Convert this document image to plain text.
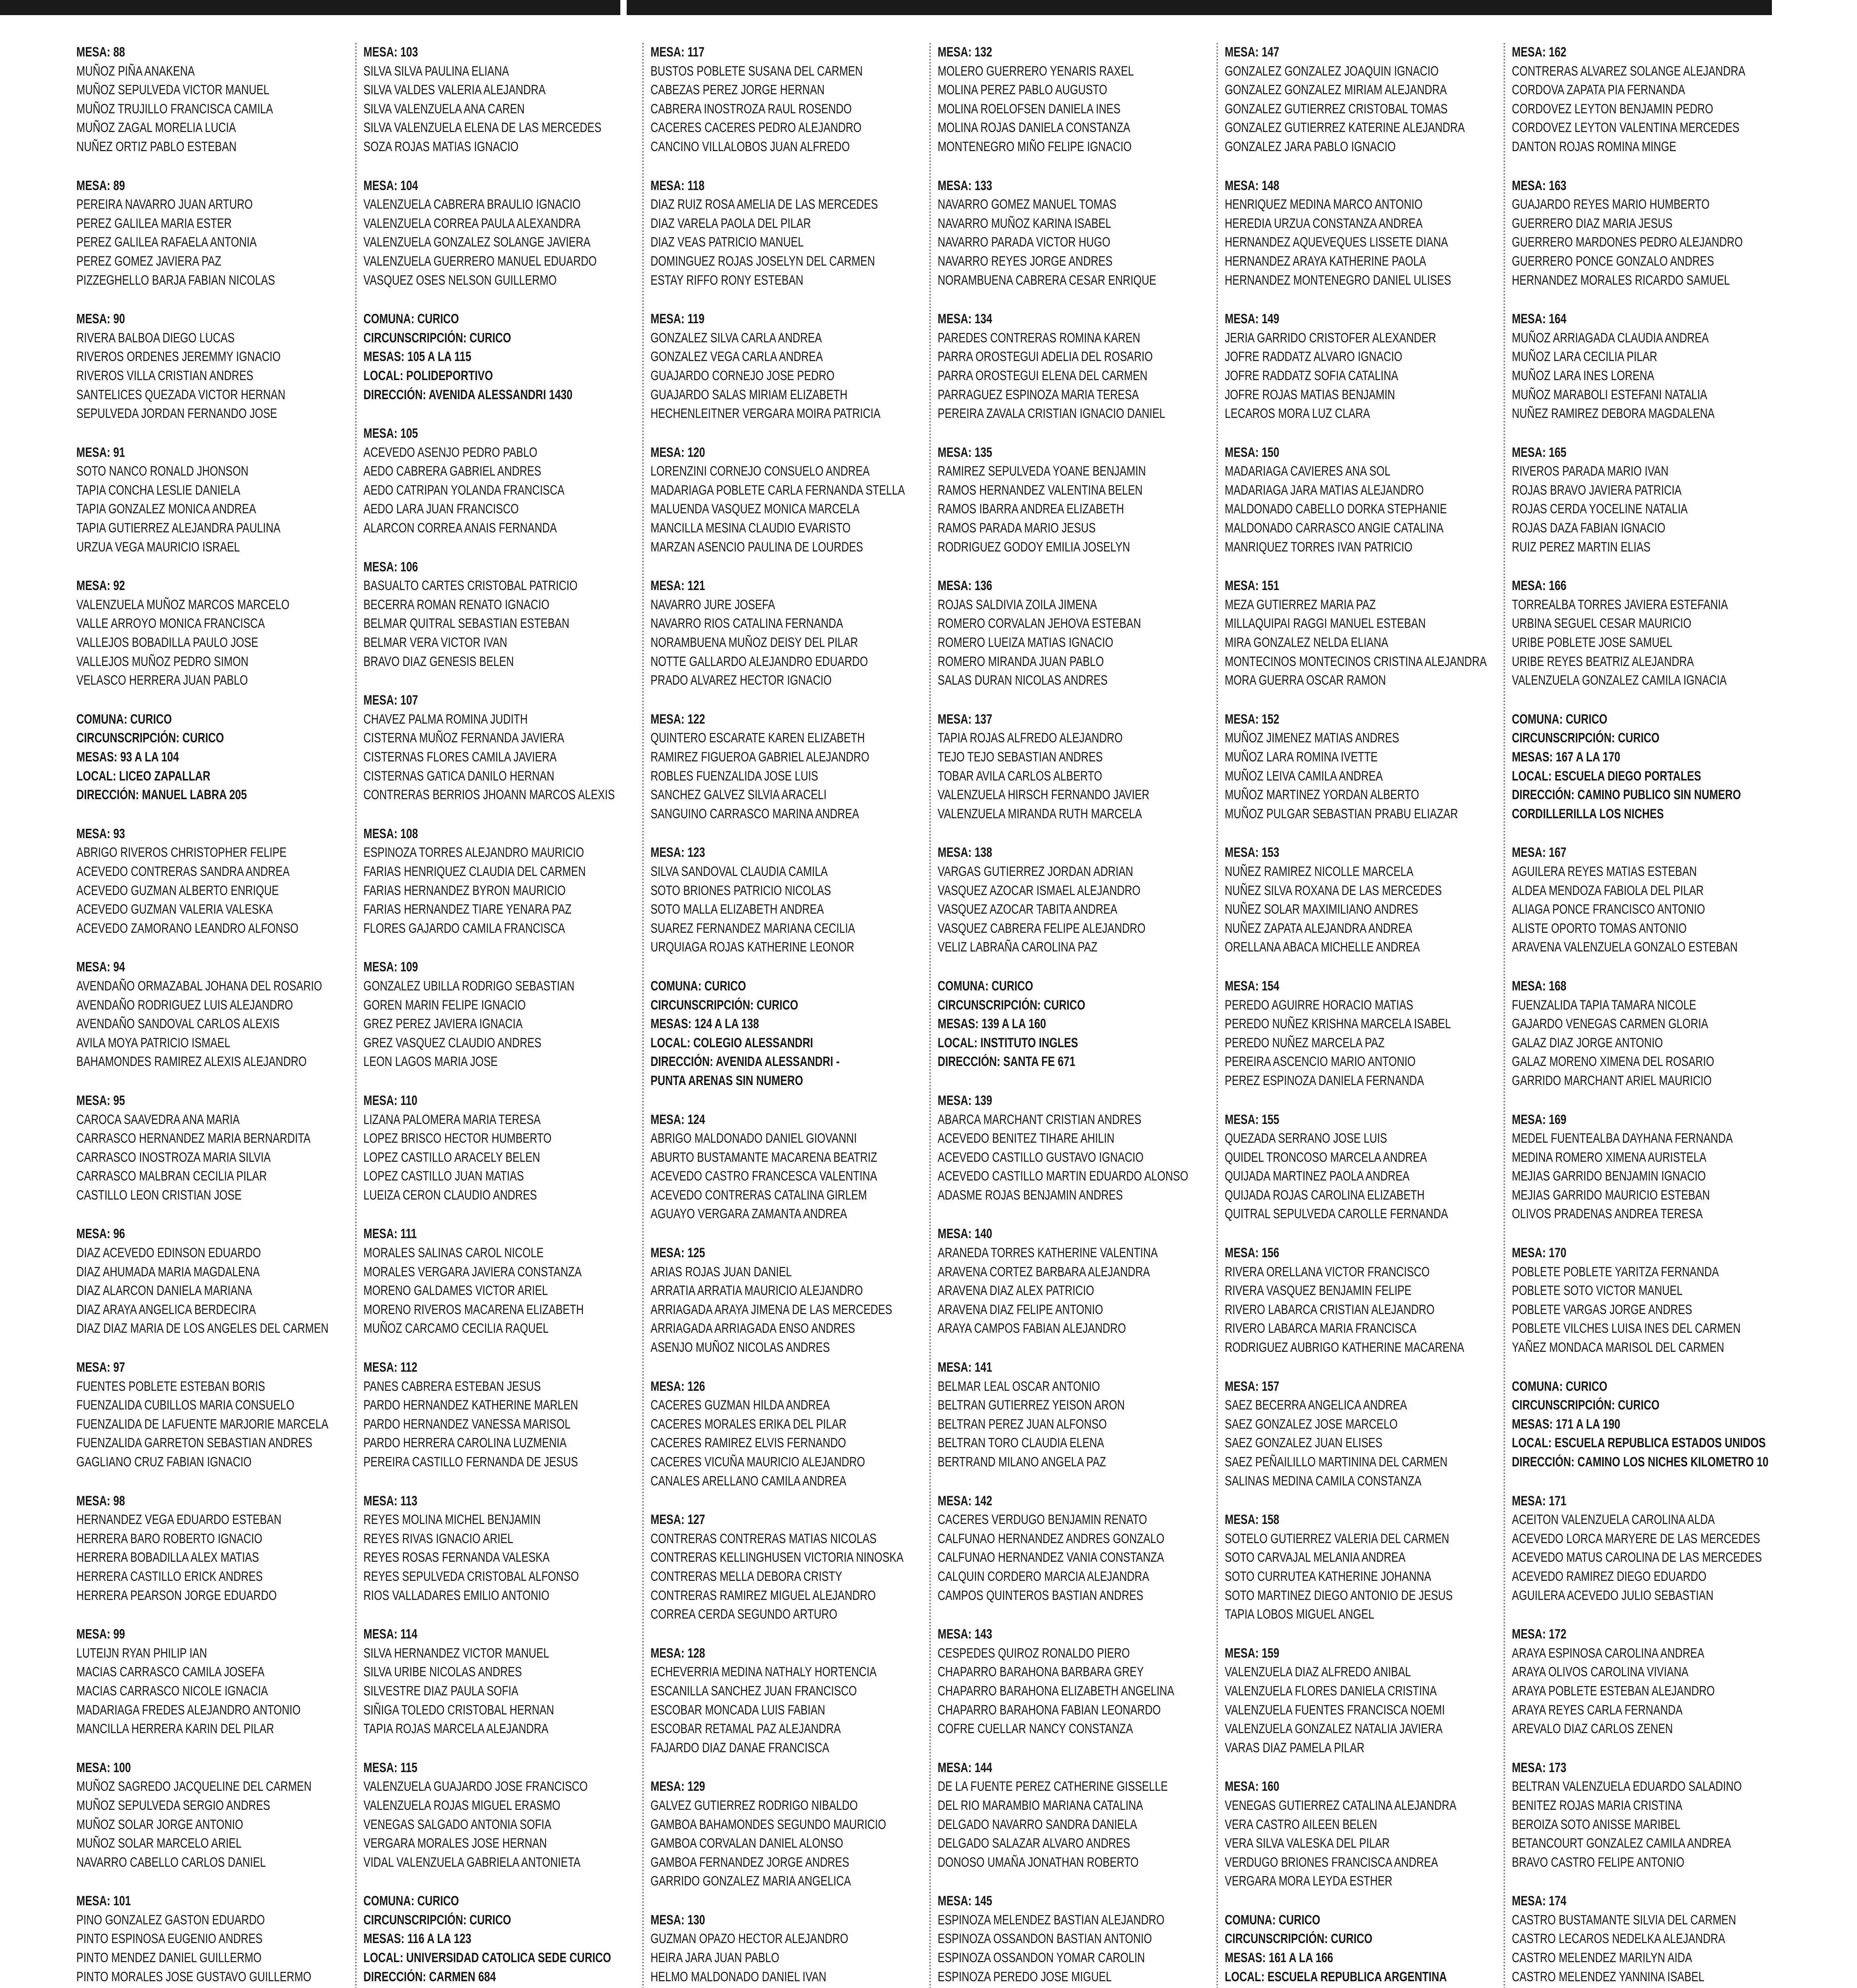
MESA: 88
MUÑOZ PIÑA ANAKENA
MUÑOZ SEPULVEDA VICTOR MANUEL
MUÑOZ TRUJILLO FRANCISCA CAMILA
MUÑOZ ZAGAL MORELIA LUCIA
NUÑEZ ORTIZ PABLO ESTEBAN
MESA: 89
PEREIRA NAVARRO JUAN ARTURO
PEREZ GALILEA MARIA ESTER
PEREZ GALILEA RAFAELA ANTONIA
PEREZ GOMEZ JAVIERA PAZ
PIZZEGHELLO BARJA FABIAN NICOLAS
MESA: 90
RIVERA BALBOA DIEGO LUCAS
RIVEROS ORDENES JEREMMY IGNACIO
RIVEROS VILLA CRISTIAN ANDRES
SANTELICES QUEZADA VICTOR HERNAN
SEPULVEDA JORDAN FERNANDO JOSE
MESA: 91
SOTO NANCO RONALD JHONSON
TAPIA CONCHA LESLIE DANIELA
TAPIA GONZALEZ MONICA ANDREA
TAPIA GUTIERREZ ALEJANDRA PAULINA
URZUA VEGA MAURICIO ISRAEL
MESA: 92
VALENZUELA MUÑOZ MARCOS MARCELO
VALLE ARROYO MONICA FRANCISCA
VALLEJOS BOBADILLA PAULO JOSE
VALLEJOS MUÑOZ PEDRO SIMON
VELASCO HERRERA JUAN PABLO
COMUNA: CURICO
CIRCUNSCRIPCIÓN: CURICO
MESAS: 93 A LA 104
LOCAL: LICEO ZAPALLAR
DIRECCIÓN: MANUEL LABRA 205
MESA: 93
ABRIGO RIVEROS CHRISTOPHER FELIPE
ACEVEDO CONTRERAS SANDRA ANDREA
ACEVEDO GUZMAN ALBERTO ENRIQUE
ACEVEDO GUZMAN VALERIA VALESKA
ACEVEDO ZAMORANO LEANDRO ALFONSO
MESA: 94
AVENDAÑO ORMAZABAL JOHANA DEL ROSARIO
AVENDAÑO RODRIGUEZ LUIS ALEJANDRO
AVENDAÑO SANDOVAL CARLOS ALEXIS
AVILA MOYA PATRICIO ISMAEL
BAHAMONDES RAMIREZ ALEXIS ALEJANDRO
MESA: 95
CAROCA SAAVEDRA ANA MARIA
CARRASCO HERNANDEZ MARIA BERNARDITA
CARRASCO INOSTROZA MARIA SILVIA
CARRASCO MALBRAN CECILIA PILAR
CASTILLO LEON CRISTIAN JOSE
MESA: 96
DIAZ ACEVEDO EDINSON EDUARDO
DIAZ AHUMADA MARIA MAGDALENA
DIAZ ALARCON DANIELA MARIANA
DIAZ ARAYA ANGELICA BERDECIRA
DIAZ DIAZ MARIA DE LOS ANGELES DEL CARMEN
MESA: 97
FUENTES POBLETE ESTEBAN BORIS
FUENZALIDA CUBILLOS MARIA CONSUELO
FUENZALIDA DE LAFUENTE MARJORIE MARCELA
FUENZALIDA GARRETON SEBASTIAN ANDRES
GAGLIANO CRUZ FABIAN IGNACIO
MESA: 98
HERNANDEZ VEGA EDUARDO ESTEBAN
HERRERA BARO ROBERTO IGNACIO
HERRERA BOBADILLA ALEX MATIAS
HERRERA CASTILLO ERICK ANDRES
HERRERA PEARSON JORGE EDUARDO
MESA: 99
LUTEIJN RYAN PHILIP IAN
MACIAS CARRASCO CAMILA JOSEFA
MACIAS CARRASCO NICOLE IGNACIA
MADARIAGA FREDES ALEJANDRO ANTONIO
MANCILLA HERRERA KARIN DEL PILAR
MESA: 100
MUÑOZ SAGREDO JACQUELINE DEL CARMEN
MUÑOZ SEPULVEDA SERGIO ANDRES
MUÑOZ SOLAR JORGE ANTONIO
MUÑOZ SOLAR MARCELO ARIEL
NAVARRO CABELLO CARLOS DANIEL
MESA: 101
PINO GONZALEZ GASTON EDUARDO
PINTO ESPINOSA EUGENIO ANDRES
PINTO MENDEZ DANIEL GUILLERMO
PINTO MORALES JOSE GUSTAVO GUILLERMO
MESA: 103
SILVA SILVA PAULINA ELIANA
SILVA VALDES VALERIA ALEJANDRA
SILVA VALENZUELA ANA CAREN
SILVA VALENZUELA ELENA DE LAS MERCEDES
SOZA ROJAS MATIAS IGNACIO
MESA: 104
VALENZUELA CABRERA BRAULIO IGNACIO
VALENZUELA CORREA PAULA ALEXANDRA
VALENZUELA GONZALEZ SOLANGE JAVIERA
VALENZUELA GUERRERO MANUEL EDUARDO
VASQUEZ OSES NELSON GUILLERMO
COMUNA: CURICO
CIRCUNSCRIPCIÓN: CURICO
MESAS: 105 A LA 115
LOCAL: POLIDEPORTIVO
DIRECCIÓN: AVENIDA ALESSANDRI 1430
MESA: 105
ACEVEDO ASENJO PEDRO PABLO
AEDO CABRERA GABRIEL ANDRES
AEDO CATRIPAN YOLANDA FRANCISCA
AEDO LARA JUAN FRANCISCO
ALARCON CORREA ANAIS FERNANDA
MESA: 106
BASUALTO CARTES CRISTOBAL PATRICIO
BECERRA ROMAN RENATO IGNACIO
BELMAR QUITRAL SEBASTIAN ESTEBAN
BELMAR VERA VICTOR IVAN
BRAVO DIAZ GENESIS BELEN
MESA: 107
CHAVEZ PALMA ROMINA JUDITH
CISTERNA MUÑOZ FERNANDA JAVIERA
CISTERNAS FLORES CAMILA JAVIERA
CISTERNAS GATICA DANILO HERNAN
CONTRERAS BERRIOS JHOANN MARCOS ALEXIS
MESA: 108
ESPINOZA TORRES ALEJANDRO MAURICIO
FARIAS HENRIQUEZ CLAUDIA DEL CARMEN
FARIAS HERNANDEZ BYRON MAURICIO
FARIAS HERNANDEZ TIARE YENARA PAZ
FLORES GAJARDO CAMILA FRANCISCA
MESA: 109
GONZALEZ UBILLA RODRIGO SEBASTIAN
GOREN MARIN FELIPE IGNACIO
GREZ PEREZ JAVIERA IGNACIA
GREZ VASQUEZ CLAUDIO ANDRES
LEON LAGOS MARIA JOSE
MESA: 110
LIZANA PALOMERA MARIA TERESA
LOPEZ BRISCO HECTOR HUMBERTO
LOPEZ CASTILLO ARACELY BELEN
LOPEZ CASTILLO JUAN MATIAS
LUEIZA CERON CLAUDIO ANDRES
MESA: 111
MORALES SALINAS CAROL NICOLE
MORALES VERGARA JAVIERA CONSTANZA
MORENO GALDAMES VICTOR ARIEL
MORENO RIVEROS MACARENA ELIZABETH
MUÑOZ CARCAMO CECILIA RAQUEL
MESA: 112
PANES CABRERA ESTEBAN JESUS
PARDO HERNANDEZ KATHERINE MARLEN
PARDO HERNANDEZ VANESSA MARISOL
PARDO HERRERA CAROLINA LUZMENIA
PEREIRA CASTILLO FERNANDA DE JESUS
MESA: 113
REYES MOLINA MICHEL BENJAMIN
REYES RIVAS IGNACIO ARIEL
REYES ROSAS FERNANDA VALESKA
REYES SEPULVEDA CRISTOBAL ALFONSO
RIOS VALLADARES EMILIO ANTONIO
MESA: 114
SILVA HERNANDEZ VICTOR MANUEL
SILVA URIBE NICOLAS ANDRES
SILVESTRE DIAZ PAULA SOFIA
SIÑIGA TOLEDO CRISTOBAL HERNAN
TAPIA ROJAS MARCELA ALEJANDRA
MESA: 115
VALENZUELA GUAJARDO JOSE FRANCISCO
VALENZUELA ROJAS MIGUEL ERASMO
VENEGAS SALGADO ANTONIA SOFIA
VERGARA MORALES JOSE HERNAN
VIDAL VALENZUELA GABRIELA ANTONIETA
COMUNA: CURICO
CIRCUNSCRIPCIÓN: CURICO
MESAS: 116 A LA 123
LOCAL: UNIVERSIDAD CATOLICA SEDE CURICO
DIRECCIÓN: CARMEN 684
MESA: 117
BUSTOS POBLETE SUSANA DEL CARMEN
CABEZAS PEREZ JORGE HERNAN
CABRERA INOSTROZA RAUL ROSENDO
CACERES CACERES PEDRO ALEJANDRO
CANCINO VILLALOBOS JUAN ALFREDO
MESA: 118
DIAZ RUIZ ROSA AMELIA DE LAS MERCEDES
DIAZ VARELA PAOLA DEL PILAR
DIAZ VEAS PATRICIO MANUEL
DOMINGUEZ ROJAS JOSELYN DEL CARMEN
ESTAY RIFFO RONY ESTEBAN
MESA: 119
GONZALEZ SILVA CARLA ANDREA
GONZALEZ VEGA CARLA ANDREA
GUAJARDO CORNEJO JOSE PEDRO
GUAJARDO SALAS MIRIAM ELIZABETH
HECHENLEITNER VERGARA MOIRA PATRICIA
MESA: 120
LORENZINI CORNEJO CONSUELO ANDREA
MADARIAGA POBLETE CARLA FERNANDA STELLA
MALUENDA VASQUEZ MONICA MARCELA
MANCILLA MESINA CLAUDIO EVARISTO
MARZAN ASENCIO PAULINA DE LOURDES
MESA: 121
NAVARRO JURE JOSEFA
NAVARRO RIOS CATALINA FERNANDA
NORAMBUENA MUÑOZ DEISY DEL PILAR
NOTTE GALLARDO ALEJANDRO EDUARDO
PRADO ALVAREZ HECTOR IGNACIO
MESA: 122
QUINTERO ESCARATE KAREN ELIZABETH
RAMIREZ FIGUEROA GABRIEL ALEJANDRO
ROBLES FUENZALIDA JOSE LUIS
SANCHEZ GALVEZ SILVIA ARACELI
SANGUINO CARRASCO MARINA ANDREA
MESA: 123
SILVA SANDOVAL CLAUDIA CAMILA
SOTO BRIONES PATRICIO NICOLAS
SOTO MALLA ELIZABETH ANDREA
SUAREZ FERNANDEZ MARIANA CECILIA
URQUIAGA ROJAS KATHERINE LEONOR
COMUNA: CURICO
CIRCUNSCRIPCIÓN: CURICO
MESAS: 124 A LA 138
LOCAL: COLEGIO ALESSANDRI
DIRECCIÓN: AVENIDA ALESSANDRI -
PUNTA ARENAS SIN NUMERO
MESA: 124
ABRIGO MALDONADO DANIEL GIOVANNI
ABURTO BUSTAMANTE MACARENA BEATRIZ
ACEVEDO CASTRO FRANCESCA VALENTINA
ACEVEDO CONTRERAS CATALINA GIRLEM
AGUAYO VERGARA ZAMANTA ANDREA
MESA: 125
ARIAS ROJAS JUAN DANIEL
ARRATIA ARRATIA MAURICIO ALEJANDRO
ARRIAGADA ARAYA JIMENA DE LAS MERCEDES
ARRIAGADA ARRIAGADA ENSO ANDRES
ASENJO MUÑOZ NICOLAS ANDRES
MESA: 126
CACERES GUZMAN HILDA ANDREA
CACERES MORALES ERIKA DEL PILAR
CACERES RAMIREZ ELVIS FERNANDO
CACERES VICUÑA MAURICIO ALEJANDRO
CANALES ARELLANO CAMILA ANDREA
MESA: 127
CONTRERAS CONTRERAS MATIAS NICOLAS
CONTRERAS KELLINGHUSEN VICTORIA NINOSKA
CONTRERAS MELLA DEBORA CRISTY
CONTRERAS RAMIREZ MIGUEL ALEJANDRO
CORREA CERDA SEGUNDO ARTURO
MESA: 128
ECHEVERRIA MEDINA NATHALY HORTENCIA
ESCANILLA SANCHEZ JUAN FRANCISCO
ESCOBAR MONCADA LUIS FABIAN
ESCOBAR RETAMAL PAZ ALEJANDRA
FAJARDO DIAZ DANAE FRANCISCA
MESA: 129
GALVEZ GUTIERREZ RODRIGO NIBALDO
GAMBOA BAHAMONDES SEGUNDO MAURICIO
GAMBOA CORVALAN DANIEL ALONSO
GAMBOA FERNANDEZ JORGE ANDRES
GARRIDO GONZALEZ MARIA ANGELICA
MESA: 130
GUZMAN OPAZO HECTOR ALEJANDRO
HEIRA JARA JUAN PABLO
HELMO MALDONADO DANIEL IVAN
MESA: 132
MOLERO GUERRERO YENARIS RAXEL
MOLINA PEREZ PABLO AUGUSTO
MOLINA ROELOFSEN DANIELA INES
MOLINA ROJAS DANIELA CONSTANZA
MONTENEGRO MIÑO FELIPE IGNACIO
MESA: 133
NAVARRO GOMEZ MANUEL TOMAS
NAVARRO MUÑOZ KARINA ISABEL
NAVARRO PARADA VICTOR HUGO
NAVARRO REYES JORGE ANDRES
NORAMBUENA CABRERA CESAR ENRIQUE
MESA: 134
PAREDES CONTRERAS ROMINA KAREN
PARRA OROSTEGUI ADELIA DEL ROSARIO
PARRA OROSTEGUI ELENA DEL CARMEN
PARRAGUEZ ESPINOZA MARIA TERESA
PEREIRA ZAVALA CRISTIAN IGNACIO DANIEL
MESA: 135
RAMIREZ SEPULVEDA YOANE BENJAMIN
RAMOS HERNANDEZ VALENTINA BELEN
RAMOS IBARRA ANDREA ELIZABETH
RAMOS PARADA MARIO JESUS
RODRIGUEZ GODOY EMILIA JOSELYN
MESA: 136
ROJAS SALDIVIA ZOILA JIMENA
ROMERO CORVALAN JEHOVA ESTEBAN
ROMERO LUEIZA MATIAS IGNACIO
ROMERO MIRANDA JUAN PABLO
SALAS DURAN NICOLAS ANDRES
MESA: 137
TAPIA ROJAS ALFREDO ALEJANDRO
TEJO TEJO SEBASTIAN ANDRES
TOBAR AVILA CARLOS ALBERTO
VALENZUELA HIRSCH FERNANDO JAVIER
VALENZUELA MIRANDA RUTH MARCELA
MESA: 138
VARGAS GUTIERREZ JORDAN ADRIAN
VASQUEZ AZOCAR ISMAEL ALEJANDRO
VASQUEZ AZOCAR TABITA ANDREA
VASQUEZ CABRERA FELIPE ALEJANDRO
VELIZ LABRAÑA CAROLINA PAZ
COMUNA: CURICO
CIRCUNSCRIPCIÓN: CURICO
MESAS: 139 A LA 160
LOCAL: INSTITUTO INGLES
DIRECCIÓN: SANTA FE 671
MESA: 139
ABARCA MARCHANT CRISTIAN ANDRES
ACEVEDO BENITEZ TIHARE AHILIN
ACEVEDO CASTILLO GUSTAVO IGNACIO
ACEVEDO CASTILLO MARTIN EDUARDO ALONSO
ADASME ROJAS BENJAMIN ANDRES
MESA: 140
ARANEDA TORRES KATHERINE VALENTINA
ARAVENA CORTEZ BARBARA ALEJANDRA
ARAVENA DIAZ ALEX PATRICIO
ARAVENA DIAZ FELIPE ANTONIO
ARAYA CAMPOS FABIAN ALEJANDRO
MESA: 141
BELMAR LEAL OSCAR ANTONIO
BELTRAN GUTIERREZ YEISON ARON
BELTRAN PEREZ JUAN ALFONSO
BELTRAN TORO CLAUDIA ELENA
BERTRAND MILANO ANGELA PAZ
MESA: 142
CACERES VERDUGO BENJAMIN RENATO
CALFUNAO HERNANDEZ ANDRES GONZALO
CALFUNAO HERNANDEZ VANIA CONSTANZA
CALQUIN CORDERO MARCIA ALEJANDRA
CAMPOS QUINTEROS BASTIAN ANDRES
MESA: 143
CESPEDES QUIROZ RONALDO PIERO
CHAPARRO BARAHONA BARBARA GREY
CHAPARRO BARAHONA ELIZABETH ANGELINA
CHAPARRO BARAHONA FABIAN LEONARDO
COFRE CUELLAR NANCY CONSTANZA
MESA: 144
DE LA FUENTE PEREZ CATHERINE GISSELLE
DEL RIO MARAMBIO MARIANA CATALINA
DELGADO NAVARRO SANDRA DANIELA
DELGADO SALAZAR ALVARO ANDRES
DONOSO UMAÑA JONATHAN ROBERTO
MESA: 145
ESPINOZA MELENDEZ BASTIAN ALEJANDRO
ESPINOZA OSSANDON BASTIAN ANTONIO
ESPINOZA OSSANDON YOMAR CAROLIN
ESPINOZA PEREDO JOSE MIGUEL
MESA: 147
GONZALEZ GONZALEZ JOAQUIN IGNACIO
GONZALEZ GONZALEZ MIRIAM ALEJANDRA
GONZALEZ GUTIERREZ CRISTOBAL TOMAS
GONZALEZ GUTIERREZ KATERINE ALEJANDRA
GONZALEZ JARA PABLO IGNACIO
MESA: 148
HENRIQUEZ MEDINA MARCO ANTONIO
HEREDIA URZUA CONSTANZA ANDREA
HERNANDEZ AQUEVEQUES LISSETE DIANA
HERNANDEZ ARAYA KATHERINE PAOLA
HERNANDEZ MONTENEGRO DANIEL ULISES
MESA: 149
JERIA GARRIDO CRISTOFER ALEXANDER
JOFRE RADDATZ ALVARO IGNACIO
JOFRE RADDATZ SOFIA CATALINA
JOFRE ROJAS MATIAS BENJAMIN
LECAROS MORA LUZ CLARA
MESA: 150
MADARIAGA CAVIERES ANA SOL
MADARIAGA JARA MATIAS ALEJANDRO
MALDONADO CABELLO DORKA STEPHANIE
MALDONADO CARRASCO ANGIE CATALINA
MANRIQUEZ TORRES IVAN PATRICIO
MESA: 151
MEZA GUTIERREZ MARIA PAZ
MILLAQUIPAI RAGGI MANUEL ESTEBAN
MIRA GONZALEZ NELDA ELIANA
MONTECINOS MONTECINOS CRISTINA ALEJANDRA
MORA GUERRA OSCAR RAMON
MESA: 152
MUÑOZ JIMENEZ MATIAS ANDRES
MUÑOZ LARA ROMINA IVETTE
MUÑOZ LEIVA CAMILA ANDREA
MUÑOZ MARTINEZ YORDAN ALBERTO
MUÑOZ PULGAR SEBASTIAN PRABU ELIAZAR
MESA: 153
NUÑEZ RAMIREZ NICOLLE MARCELA
NUÑEZ SILVA ROXANA DE LAS MERCEDES
NUÑEZ SOLAR MAXIMILIANO ANDRES
NUÑEZ ZAPATA ALEJANDRA ANDREA
ORELLANA ABACA MICHELLE ANDREA
MESA: 154
PEREDO AGUIRRE HORACIO MATIAS
PEREDO NUÑEZ KRISHNA MARCELA ISABEL
PEREDO NUÑEZ MARCELA PAZ
PEREIRA ASCENCIO MARIO ANTONIO
PEREZ ESPINOZA DANIELA FERNANDA
MESA: 155
QUEZADA SERRANO JOSE LUIS
QUIDEL TRONCOSO MARCELA ANDREA
QUIJADA MARTINEZ PAOLA ANDREA
QUIJADA ROJAS CAROLINA ELIZABETH
QUITRAL SEPULVEDA CAROLLE FERNANDA
MESA: 156
RIVERA ORELLANA VICTOR FRANCISCO
RIVERA VASQUEZ BENJAMIN FELIPE
RIVERO LABARCA CRISTIAN ALEJANDRO
RIVERO LABARCA MARIA FRANCISCA
RODRIGUEZ AUBRIGO KATHERINE MACARENA
MESA: 157
SAEZ BECERRA ANGELICA ANDREA
SAEZ GONZALEZ JOSE MARCELO
SAEZ GONZALEZ JUAN ELISES
SAEZ PEÑAILILLO MARTININA DEL CARMEN
SALINAS MEDINA CAMILA CONSTANZA
MESA: 158
SOTELO GUTIERREZ VALERIA DEL CARMEN
SOTO CARVAJAL MELANIA ANDREA
SOTO CURRUTEA KATHERINE JOHANNA
SOTO MARTINEZ DIEGO ANTONIO DE JESUS
TAPIA LOBOS MIGUEL ANGEL
MESA: 159
VALENZUELA DIAZ ALFREDO ANIBAL
VALENZUELA FLORES DANIELA CRISTINA
VALENZUELA FUENTES FRANCISCA NOEMI
VALENZUELA GONZALEZ NATALIA JAVIERA
VARAS DIAZ PAMELA PILAR
MESA: 160
VENEGAS GUTIERREZ CATALINA ALEJANDRA
VERA CASTRO AILEEN BELEN
VERA SILVA VALESKA DEL PILAR
VERDUGO BRIONES FRANCISCA ANDREA
VERGARA MORA LEYDA ESTHER
COMUNA: CURICO
CIRCUNSCRIPCIÓN: CURICO
MESAS: 161 A LA 166
LOCAL: ESCUELA REPUBLICA ARGENTINA
MESA: 162
CONTRERAS ALVAREZ SOLANGE ALEJANDRA
CORDOVA ZAPATA PIA FERNANDA
CORDOVEZ LEYTON BENJAMIN PEDRO
CORDOVEZ LEYTON VALENTINA MERCEDES
DANTON ROJAS ROMINA MINGE
MESA: 163
GUAJARDO REYES MARIO HUMBERTO
GUERRERO DIAZ MARIA JESUS
GUERRERO MARDONES PEDRO ALEJANDRO
GUERRERO PONCE GONZALO ANDRES
HERNANDEZ MORALES RICARDO SAMUEL
MESA: 164
MUÑOZ ARRIAGADA CLAUDIA ANDREA
MUÑOZ LARA CECILIA PILAR
MUÑOZ LARA INES LORENA
MUÑOZ MARABOLI ESTEFANI NATALIA
NUÑEZ RAMIREZ DEBORA MAGDALENA
MESA: 165
RIVEROS PARADA MARIO IVAN
ROJAS BRAVO JAVIERA PATRICIA
ROJAS CERDA YOCELINE NATALIA
ROJAS DAZA FABIAN IGNACIO
RUIZ PEREZ MARTIN ELIAS
MESA: 166
TORREALBA TORRES JAVIERA ESTEFANIA
URBINA SEGUEL CESAR MAURICIO
URIBE POBLETE JOSE SAMUEL
URIBE REYES BEATRIZ ALEJANDRA
VALENZUELA GONZALEZ CAMILA IGNACIA
COMUNA: CURICO
CIRCUNSCRIPCIÓN: CURICO
MESAS: 167 A LA 170
LOCAL: ESCUELA DIEGO PORTALES
DIRECCIÓN: CAMINO PUBLICO SIN NUMERO
CORDILLERILLA LOS NICHES
MESA: 167
AGUILERA REYES MATIAS ESTEBAN
ALDEA MENDOZA FABIOLA DEL PILAR
ALIAGA PONCE FRANCISCO ANTONIO
ALISTE OPORTO TOMAS ANTONIO
ARAVENA VALENZUELA GONZALO ESTEBAN
MESA: 168
FUENZALIDA TAPIA TAMARA NICOLE
GAJARDO VENEGAS CARMEN GLORIA
GALAZ DIAZ JORGE ANTONIO
GALAZ MORENO XIMENA DEL ROSARIO
GARRIDO MARCHANT ARIEL MAURICIO
MESA: 169
MEDEL FUENTEALBA DAYHANA FERNANDA
MEDINA ROMERO XIMENA AURISTELA
MEJIAS GARRIDO BENJAMIN IGNACIO
MEJIAS GARRIDO MAURICIO ESTEBAN
OLIVOS PRADENAS ANDREA TERESA
MESA: 170
POBLETE POBLETE YARITZA FERNANDA
POBLETE SOTO VICTOR MANUEL
POBLETE VARGAS JORGE ANDRES
POBLETE VILCHES LUISA INES DEL CARMEN
YAÑEZ MONDACA MARISOL DEL CARMEN
COMUNA: CURICO
CIRCUNSCRIPCIÓN: CURICO
MESAS: 171 A LA 190
LOCAL: ESCUELA REPUBLICA ESTADOS UNIDOS
DIRECCIÓN: CAMINO LOS NICHES KILOMETRO 10
MESA: 171
ACEITON VALENZUELA CAROLINA ALDA
ACEVEDO LORCA MARYERE DE LAS MERCEDES
ACEVEDO MATUS CAROLINA DE LAS MERCEDES
ACEVEDO RAMIREZ DIEGO EDUARDO
AGUILERA ACEVEDO JULIO SEBASTIAN
MESA: 172
ARAYA ESPINOSA CAROLINA ANDREA
ARAYA OLIVOS CAROLINA VIVIANA
ARAYA POBLETE ESTEBAN ALEJANDRO
ARAYA REYES CARLA FERNANDA
AREVALO DIAZ CARLOS ZENEN
MESA: 173
BELTRAN VALENZUELA EDUARDO SALADINO
BENITEZ ROJAS MARIA CRISTINA
BEROIZA SOTO ANISSE MARIBEL
BETANCOURT GONZALEZ CAMILA ANDREA
BRAVO CASTRO FELIPE ANTONIO
MESA: 174
CASTRO BUSTAMANTE SILVIA DEL CARMEN
CASTRO LECAROS NEDELKA ALEJANDRA
CASTRO MELENDEZ MARILYN AIDA
CASTRO MELENDEZ YANNINA ISABEL
